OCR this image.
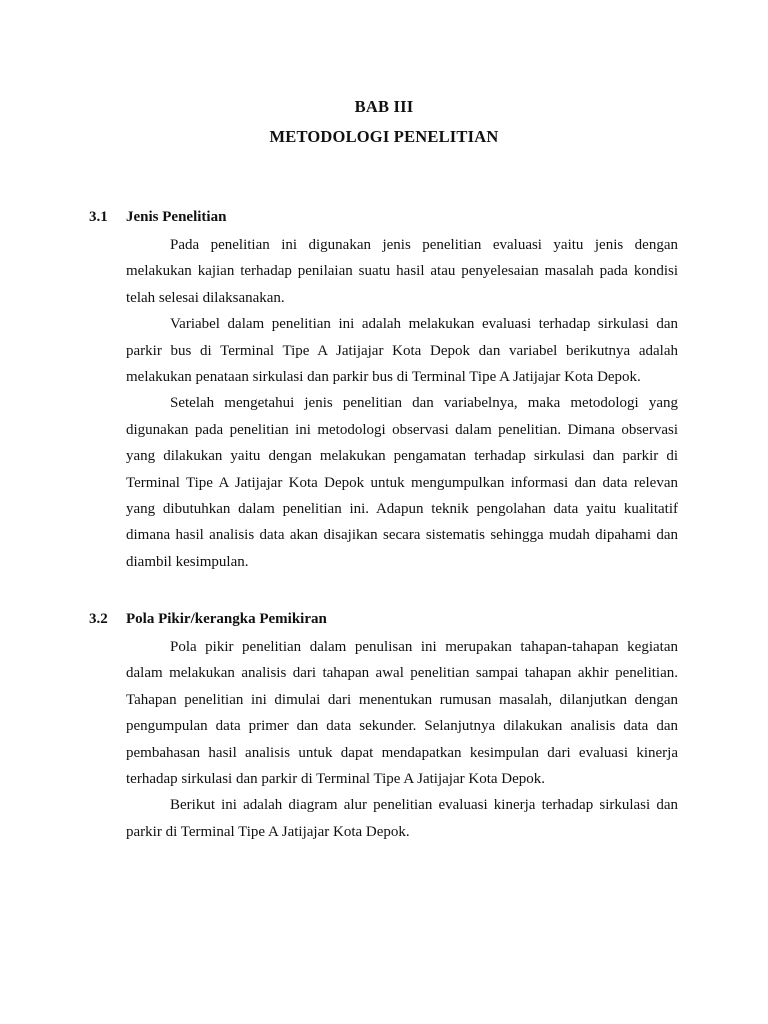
BAB III
METODOLOGI PENELITIAN
3.1	Jenis Penelitian

Pada penelitian ini digunakan jenis penelitian evaluasi yaitu jenis dengan melakukan kajian terhadap penilaian suatu hasil atau penyelesaian masalah pada kondisi telah selesai dilaksanakan.

Variabel dalam penelitian ini adalah melakukan evaluasi terhadap sirkulasi dan parkir bus di Terminal Tipe A Jatijajar Kota Depok dan variabel berikutnya adalah melakukan penataan sirkulasi dan parkir bus di Terminal Tipe A Jatijajar Kota Depok.

Setelah mengetahui jenis penelitian dan variabelnya, maka metodologi yang digunakan pada penelitian ini metodologi observasi dalam penelitian. Dimana observasi yang dilakukan yaitu dengan melakukan pengamatan terhadap sirkulasi dan parkir di Terminal Tipe A Jatijajar Kota Depok untuk mengumpulkan informasi dan data relevan yang dibutuhkan dalam penelitian ini. Adapun teknik pengolahan data yaitu kualitatif dimana hasil analisis data akan disajikan secara sistematis sehingga mudah dipahami dan diambil kesimpulan.

3.2	Pola Pikir/kerangka Pemikiran

Pola pikir penelitian dalam penulisan ini merupakan tahapan-tahapan kegiatan dalam melakukan analisis dari tahapan awal penelitian sampai tahapan akhir penelitian. Tahapan penelitian ini dimulai dari menentukan rumusan masalah, dilanjutkan dengan pengumpulan data primer dan data sekunder. Selanjutnya dilakukan analisis data dan pembahasan hasil analisis untuk dapat mendapatkan kesimpulan dari evaluasi kinerja terhadap sirkulasi dan parkir di Terminal Tipe A Jatijajar Kota Depok.

Berikut ini adalah diagram alur penelitian evaluasi kinerja terhadap sirkulasi dan parkir di Terminal Tipe A Jatijajar Kota Depok.
